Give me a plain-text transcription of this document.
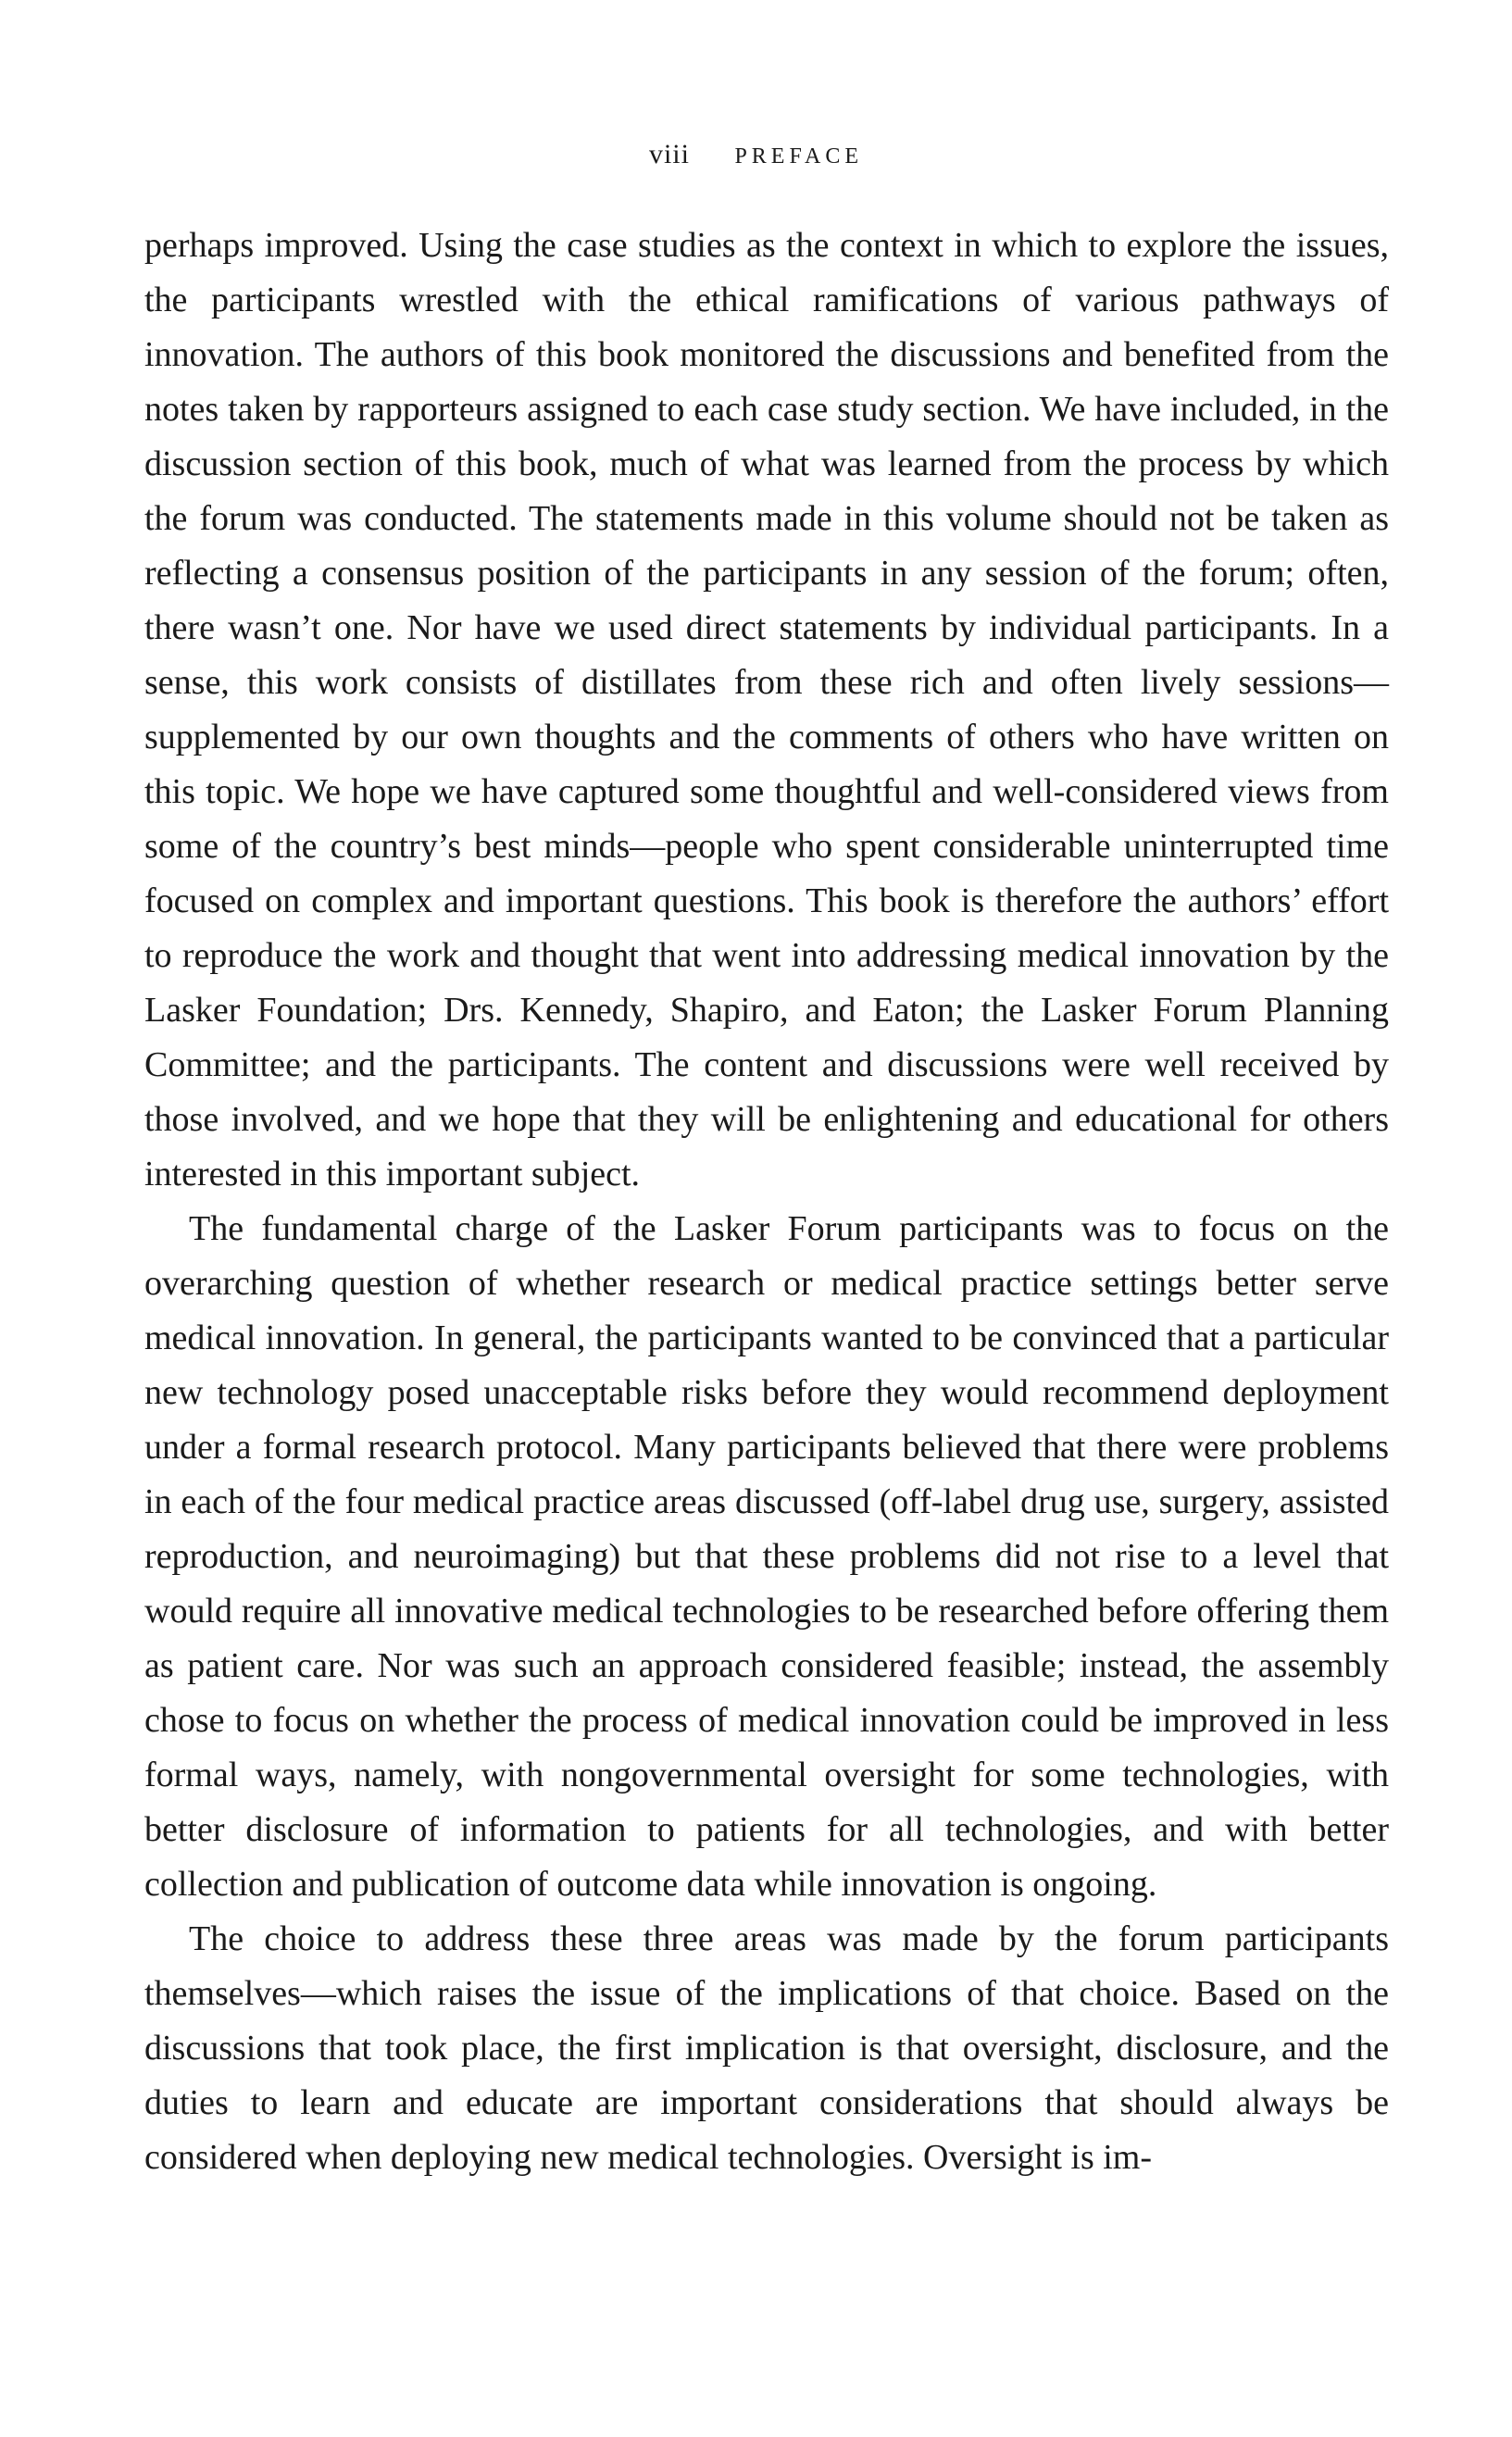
viii PREFACE

perhaps improved. Using the case studies as the context in which to explore the issues, the participants wrestled with the ethical ramifications of various pathways of innovation. The authors of this book monitored the discussions and benefited from the notes taken by rapporteurs assigned to each case study section. We have included, in the discussion section of this book, much of what was learned from the process by which the forum was conducted. The statements made in this volume should not be taken as reflecting a consensus position of the participants in any session of the forum; often, there wasn’t one. Nor have we used direct statements by individual participants. In a sense, this work consists of distillates from these rich and often lively sessions—supplemented by our own thoughts and the comments of others who have written on this topic. We hope we have captured some thoughtful and well-considered views from some of the country’s best minds—people who spent considerable uninterrupted time focused on complex and important questions. This book is therefore the authors’ effort to reproduce the work and thought that went into addressing medical innovation by the Lasker Foundation; Drs. Kennedy, Shapiro, and Eaton; the Lasker Forum Planning Committee; and the participants. The content and discussions were well received by those involved, and we hope that they will be enlightening and educational for others interested in this important subject.

The fundamental charge of the Lasker Forum participants was to focus on the overarching question of whether research or medical practice settings better serve medical innovation. In general, the participants wanted to be convinced that a particular new technology posed unacceptable risks before they would recommend deployment under a formal research protocol. Many participants believed that there were problems in each of the four medical practice areas discussed (off-label drug use, surgery, assisted reproduction, and neuroimaging) but that these problems did not rise to a level that would require all innovative medical technologies to be researched before offering them as patient care. Nor was such an approach considered feasible; instead, the assembly chose to focus on whether the process of medical innovation could be improved in less formal ways, namely, with nongovernmental oversight for some technologies, with better disclosure of information to patients for all technologies, and with better collection and publication of outcome data while innovation is ongoing.

The choice to address these three areas was made by the forum participants themselves—which raises the issue of the implications of that choice. Based on the discussions that took place, the first implication is that oversight, disclosure, and the duties to learn and educate are important considerations that should always be considered when deploying new medical technologies. Oversight is im-
